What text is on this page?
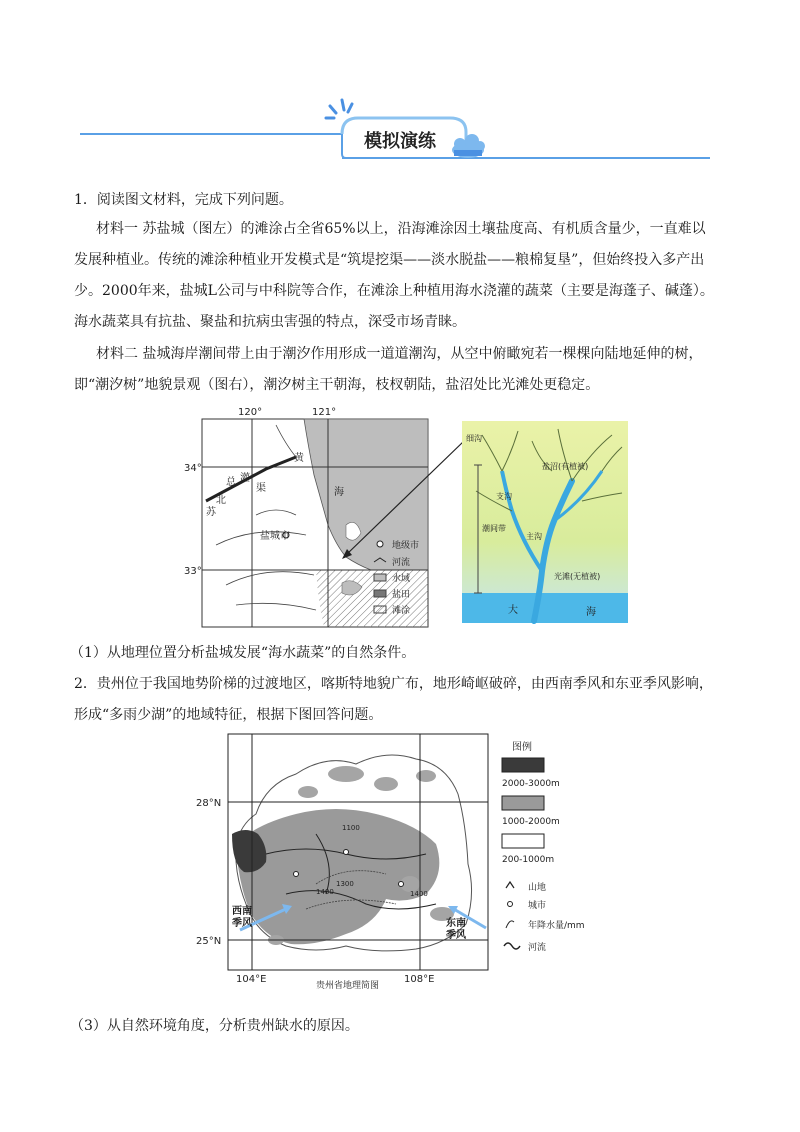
模拟演练
1．阅读图文材料，完成下列问题。
材料一 苏盐城（图左）的滩涂占全省65%以上，沿海滩涂因土壤盐度高、有机质含量少，一直难以
发展种植业。传统的滩涂种植业开发模式是“筑堤挖渠——淡水脱盐——粮棉复垦”，但始终投入多产出
少。2000年来，盐城L公司与中科院等合作，在滩涂上种植用海水浇灌的蔬菜（主要是海蓬子、碱蓬）。
海水蔬菜具有抗盐、聚盐和抗病虫害强的特点，深受市场青睐。
材料二 盐城海岸潮间带上由于潮汐作用形成一道道潮沟，从空中俯瞰宛若一棵棵向陆地延伸的树，
即“潮汐树”地貌景观（图右），潮汐树主干朝海，枝杈朝陆，盐沼处比光滩处更稳定。
120°	121°
34°
33°
渠
灌
总
苏
北
黄
海
盐城市
地级市
河流
水域
盐田
滩涂
细沟
盐沼(有植被)
支沟
潮间带
主沟
光滩(无植被)
大	海
（1）从地理位置分析盐城发展“海水蔬菜”的自然条件。
2．贵州位于我国地势阶梯的过渡地区，喀斯特地貌广布，地形崎岖破碎，由西南季风和东亚季风影响，
形成“多雨少湖”的地域特征，根据下图回答问题。
1100
1300
1400	1400
28°N
25°N
104°E	108°E
贵州省地理简图
西南季风	东南季风
图例
2000-3000m
1000-2000m
200-1000m
山地
城市
年降水量/mm
河流
（3）从自然环境角度，分析贵州缺水的原因。
